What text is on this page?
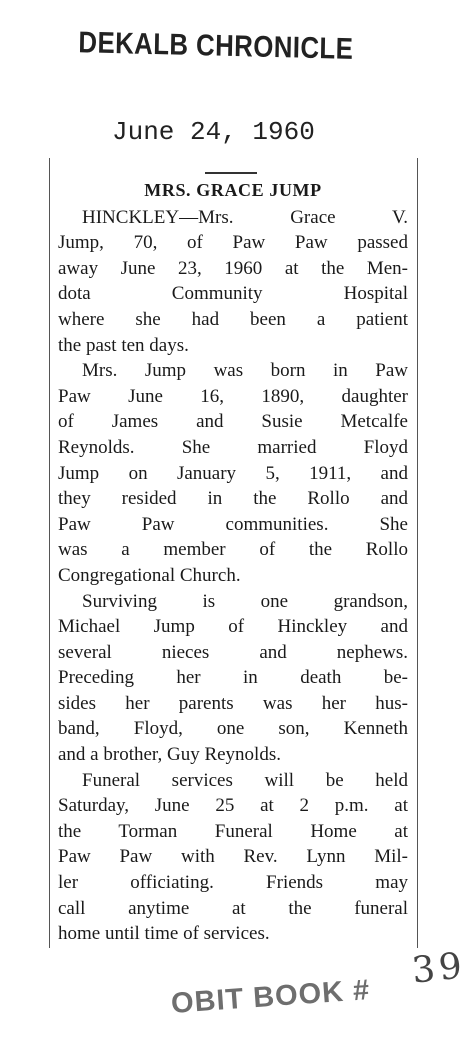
DEKALB CHRONICLE
June 24, 1960
MRS. GRACE JUMP

HINCKLEY—Mrs. Grace V.

Jump, 70, of Paw Paw passed

away June 23, 1960 at the Men-

dota Community Hospital

where she had been a patient

the past ten days.

Mrs. Jump was born in Paw

Paw June 16, 1890, daughter

of James and Susie Metcalfe

Reynolds. She married Floyd

Jump on January 5, 1911, and

they resided in the Rollo and

Paw Paw communities. She

was a member of the Rollo

Congregational Church.

Surviving is one grandson,

Michael Jump of Hinckley and

several nieces and nephews.

Preceding her in death be-

sides her parents was her hus-

band, Floyd, one son, Kenneth

and a brother, Guy Reynolds.

Funeral services will be held

Saturday, June 25 at 2 p.m. at

the Torman Funeral Home at

Paw Paw with Rev. Lynn Mil-

ler officiating. Friends may

call anytime at the funeral

home until time of services.

OBIT BOOK #
39
